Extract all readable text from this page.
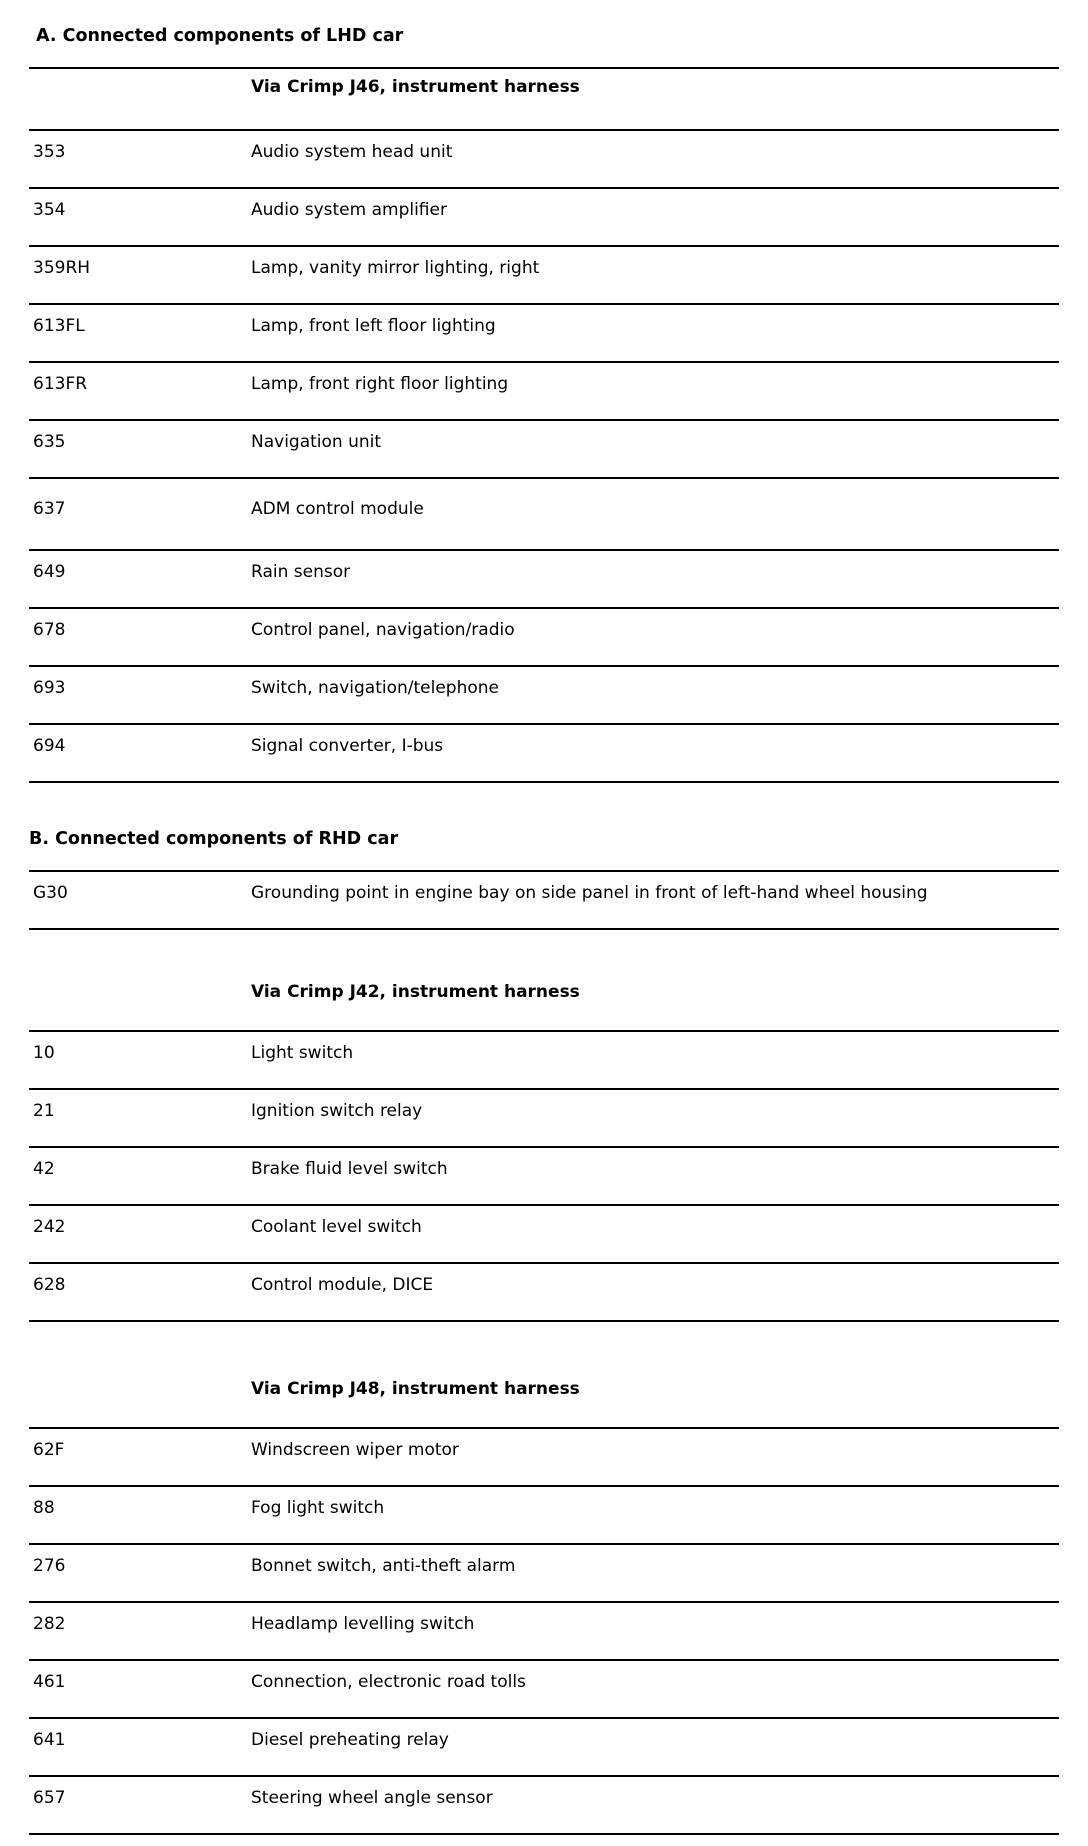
A. Connected components of LHD car
Via Crimp J46, instrument harness
353	Audio system head unit
354	Audio system amplifier
359RH	Lamp, vanity mirror lighting, right
613FL	Lamp, front left floor lighting
613FR	Lamp, front right floor lighting
635	Navigation unit
637	ADM control module
649	Rain sensor
678	Control panel, navigation/radio
693	Switch, navigation/telephone
694	Signal converter, I-bus
B. Connected components of RHD car
G30	Grounding point in engine bay on side panel in front of left-hand wheel housing
Via Crimp J42, instrument harness
10	Light switch
21	Ignition switch relay
42	Brake fluid level switch
242	Coolant level switch
628	Control module, DICE
Via Crimp J48, instrument harness
62F	Windscreen wiper motor
88	Fog light switch
276	Bonnet switch, anti-theft alarm
282	Headlamp levelling switch
461	Connection, electronic road tolls
641	Diesel preheating relay
657	Steering wheel angle sensor
